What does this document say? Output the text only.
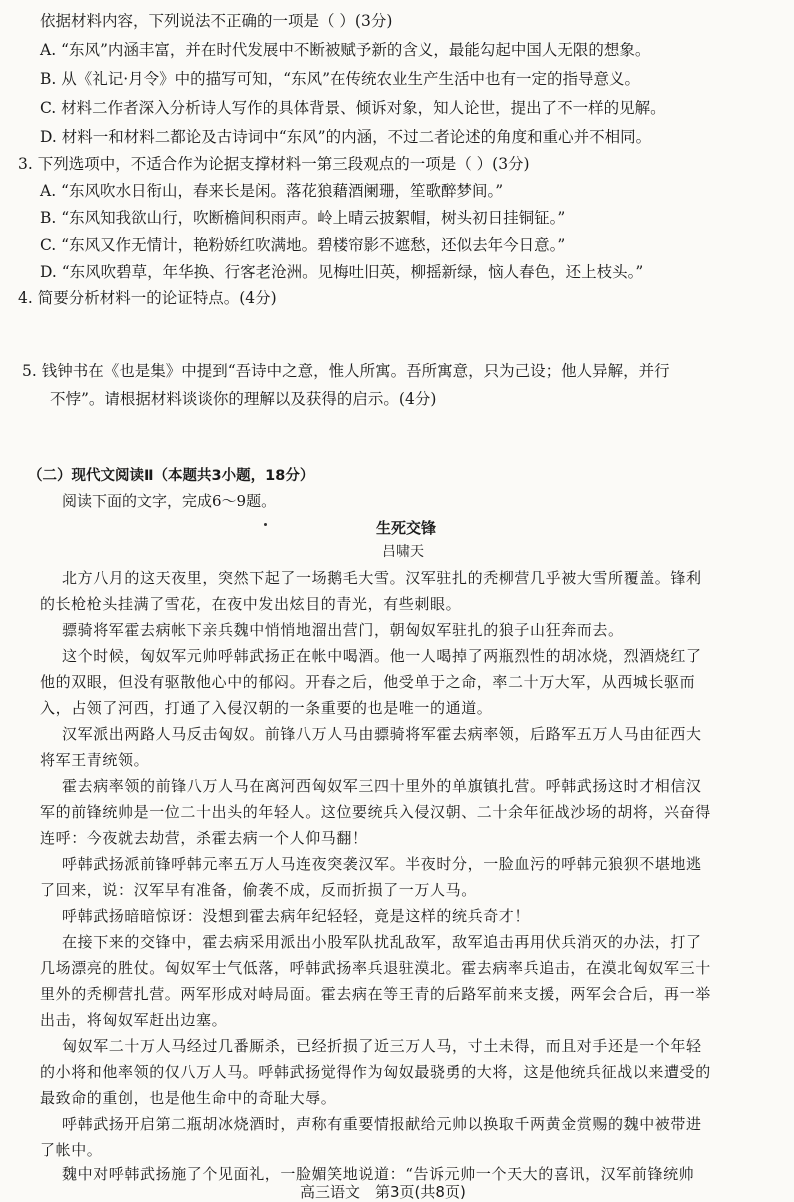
依据材料内容，下列说法不正确的一项是（ ）(3分)
A. “东风”内涵丰富，并在时代发展中不断被赋予新的含义，最能勾起中国人无限的想象。
B. 从《礼记·月令》中的描写可知，“东风”在传统农业生产生活中也有一定的指导意义。
C. 材料二作者深入分析诗人写作的具体背景、倾诉对象，知人论世，提出了不一样的见解。
D. 材料一和材料二都论及古诗词中“东风”的内涵，不过二者论述的角度和重心并不相同。
3. 下列选项中，不适合作为论据支撑材料一第三段观点的一项是（ ）(3分)
A. “东风吹水日衔山，春来长是闲。落花狼藉酒阑珊，笙歌醉梦间。”
B. “东风知我欲山行，吹断檐间积雨声。岭上晴云披絮帽，树头初日挂铜钲。”
C. “东风又作无情计，艳粉娇红吹满地。碧楼帘影不遮愁，还似去年今日意。”
D. “东风吹碧草，年华换、行客老沧洲。见梅吐旧英，柳摇新绿，恼人春色，还上枝头。”
4. 简要分析材料一的论证特点。(4分)
5. 钱钟书在《也是集》中提到“吾诗中之意，惟人所寓。吾所寓意，只为己设；他人异解，并行
不悖”。请根据材料谈谈你的理解以及获得的启示。(4分)
（二）现代文阅读Ⅱ（本题共3小题，18分）
阅读下面的文字，完成6～9题。
生死交锋
吕啸天
北方八月的这天夜里，突然下起了一场鹅毛大雪。汉军驻扎的秃柳营几乎被大雪所覆盖。锋利
的长枪枪头挂满了雪花，在夜中发出炫目的青光，有些刺眼。
骠骑将军霍去病帐下亲兵魏中悄悄地溜出营门，朝匈奴军驻扎的狼子山狂奔而去。
这个时候，匈奴军元帅呼韩武扬正在帐中喝酒。他一人喝掉了两瓶烈性的胡冰烧，烈酒烧红了
他的双眼，但没有驱散他心中的郁闷。开春之后，他受单于之命，率二十万大军，从西城长驱而
入，占领了河西，打通了入侵汉朝的一条重要的也是唯一的通道。
汉军派出两路人马反击匈奴。前锋八万人马由骠骑将军霍去病率领，后路军五万人马由征西大
将军王青统领。
霍去病率领的前锋八万人马在离河西匈奴军三四十里外的单旗镇扎营。呼韩武扬这时才相信汉
军的前锋统帅是一位二十出头的年轻人。这位要统兵入侵汉朝、二十余年征战沙场的胡将，兴奋得
连呼：今夜就去劫营，杀霍去病一个人仰马翻！
呼韩武扬派前锋呼韩元率五万人马连夜突袭汉军。半夜时分，一脸血污的呼韩元狼狈不堪地逃
了回来，说：汉军早有准备，偷袭不成，反而折损了一万人马。
呼韩武扬暗暗惊讶：没想到霍去病年纪轻轻，竟是这样的统兵奇才！
在接下来的交锋中，霍去病采用派出小股军队扰乱敌军，敌军追击再用伏兵消灭的办法，打了
几场漂亮的胜仗。匈奴军士气低落，呼韩武扬率兵退驻漠北。霍去病率兵追击，在漠北匈奴军三十
里外的秃柳营扎营。两军形成对峙局面。霍去病在等王青的后路军前来支援，两军会合后，再一举
出击，将匈奴军赶出边塞。
匈奴军二十万人马经过几番厮杀，已经折损了近三万人马，寸土未得，而且对手还是一个年轻
的小将和他率领的仅八万人马。呼韩武扬觉得作为匈奴最骁勇的大将，这是他统兵征战以来遭受的
最致命的重创，也是他生命中的奇耻大辱。
呼韩武扬开启第二瓶胡冰烧酒时，声称有重要情报献给元帅以换取千两黄金赏赐的魏中被带进
了帐中。
魏中对呼韩武扬施了个见面礼，一脸媚笑地说道：“告诉元帅一个天大的喜讯，汉军前锋统帅
高三语文　第3页(共8页)
